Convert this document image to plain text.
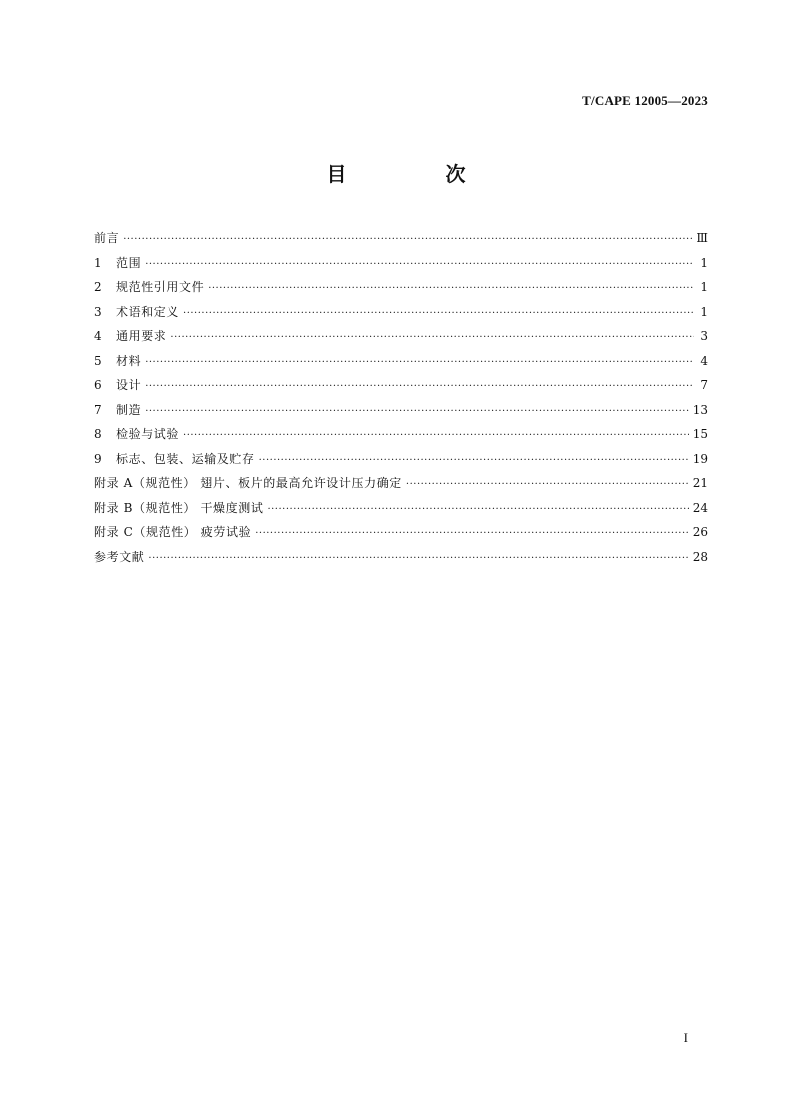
T/CAPE 12005—2023
目 次
前言 ·····	Ⅲ
1	范围 ·····	1
2	规范性引用文件 ·····	1
3	术语和定义 ·····	1
4	通用要求 ·····	3
5	材料 ·····	4
6	设计 ·····	7
7	制造 ·····	13
8	检验与试验 ·····	15
9	标志、包装、运输及贮存 ·····	19
附录 A（规范性） 翅片、板片的最高允许设计压力确定 ·····	21
附录 B（规范性） 干燥度测试 ·····	24
附录 C（规范性） 疲劳试验 ·····	26
参考文献 ·····	28
I
